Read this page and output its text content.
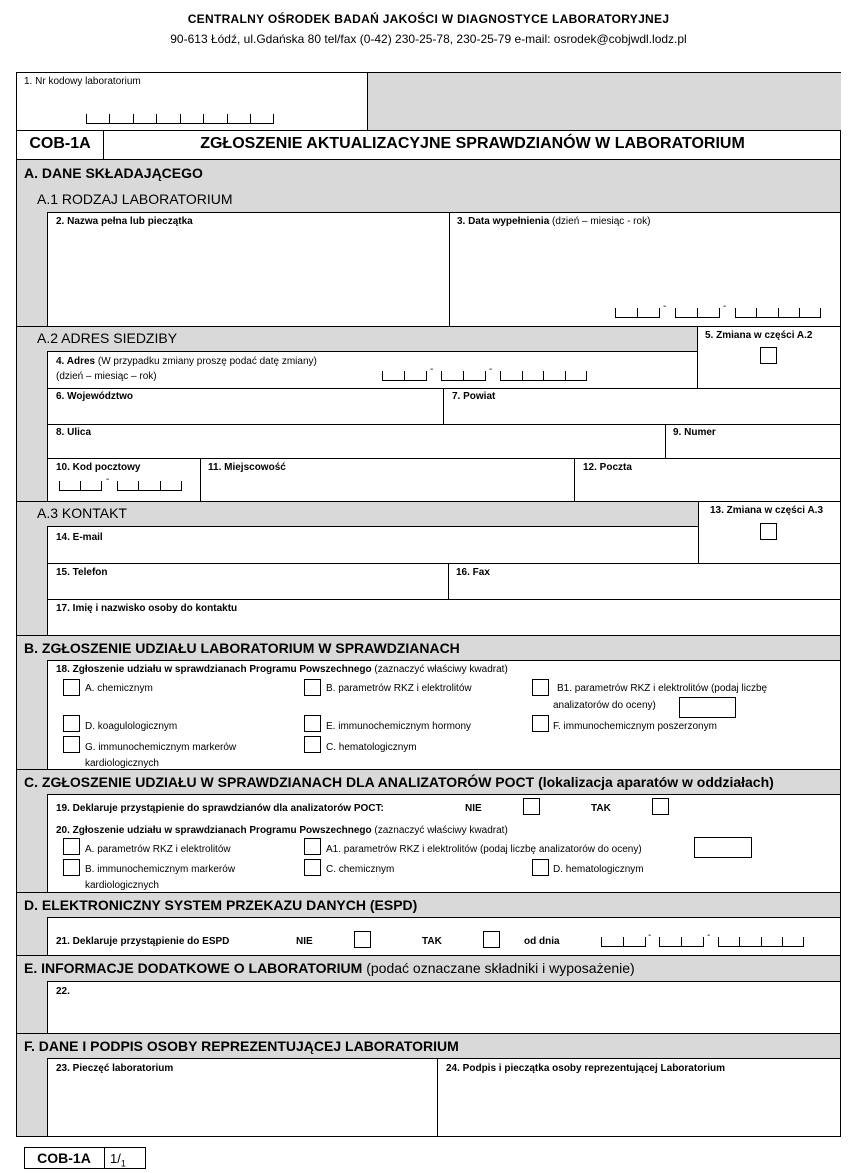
CENTRALNY OŚRODEK BADAŃ JAKOŚCI W DIAGNOSTYCE LABORATORYJNEJ
90-613 Łódź, ul.Gdańska 80 tel/fax (0-42) 230-25-78, 230-25-79 e-mail: osrodek@cobjwdl.lodz.pl
1. Nr kodowy laboratorium
COB-1A	ZGŁOSZENIE AKTUALIZACYJNE SPRAWDZIANÓW W LABORATORIUM
A. DANE SKŁADAJĄCEGO
A.1 RODZAJ LABORATORIUM
2. Nazwa pełna lub pieczątka	3. Data wypełnienia (dzień – miesiąc - rok)
-	-
A.2 ADRES SIEDZIBY	5. Zmiana w części A.2
4. Adres (W przypadku zmiany proszę podać datę zmiany)
(dzień – miesiąc – rok)
-	-
6. Województwo	7. Powiat
8. Ulica	9. Numer
10. Kod pocztowy	11. Miejscowość	12. Poczta
-
A.3 KONTAKT	13. Zmiana w części A.3
14. E-mail
15. Telefon	16. Fax
17. Imię i nazwisko osoby do kontaktu
B. ZGŁOSZENIE UDZIAŁU LABORATORIUM W SPRAWDZIANACH
18. Zgłoszenie udziału w sprawdzianach Programu Powszechnego (zaznaczyć właściwy kwadrat)
A. chemicznym	B. parametrów RKZ i elektrolitów	B1. parametrów RKZ i elektrolitów (podaj liczbę
analizatorów do oceny)
D. koagulologicznym	E. immunochemicznym hormony	F. immunochemicznym poszerzonym
G. immunochemicznym markerów
kardiologicznych
C. hematologicznym
C. ZGŁOSZENIE UDZIAŁU W SPRAWDZIANACH DLA ANALIZATORÓW POCT (lokalizacja aparatów w oddziałach)
19. Deklaruje przystąpienie do sprawdzianów dla analizatorów POCT:	NIE	TAK
20. Zgłoszenie udziału w sprawdzianach Programu Powszechnego (zaznaczyć właściwy kwadrat)
A. parametrów RKZ i elektrolitów	A1. parametrów RKZ i elektrolitów (podaj liczbę analizatorów do oceny)
B. immunochemicznym markerów
kardiologicznych
C. chemicznym	D. hematologicznym
D. ELEKTRONICZNY SYSTEM PRZEKAZU DANYCH (ESPD)
21. Deklaruje przystąpienie do ESPD	NIE	TAK	od dnia
-	-
E. INFORMACJE DODATKOWE O LABORATORIUM (podać oznaczane składniki i wyposażenie)
22.
F. DANE I PODPIS OSOBY REPREZENTUJĄCEJ LABORATORIUM
23. Pieczęć laboratorium	24. Podpis i pieczątka osoby reprezentującej Laboratorium
COB-1A	$1/_1$
